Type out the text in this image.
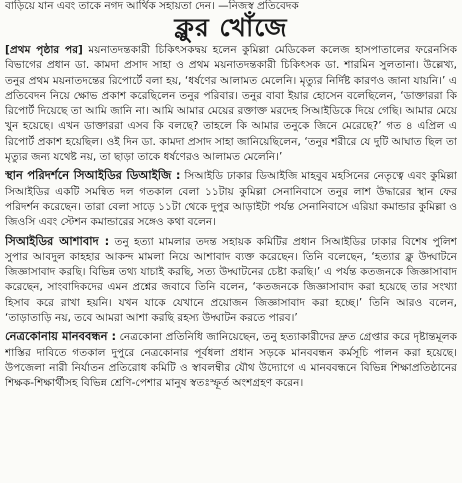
বাড়িয়ে যান এবং তাকে নগদ আর্থিক সহায়তা দেন। —নিজস্ব প্রতিবেদক
ক্লুর খোঁজে

[প্রথম পৃষ্ঠার পর] ময়নাতদন্তকারী চিকিৎসকদ্বয় হলেন কুমিল্লা মেডিকেল কলেজ হাসপাতালের ফরেনসিক বিভাগের প্রধান ডা. কামদা প্রসাদ সাহা ও প্রথম ময়নাতদন্তকারী চিকিৎসক ডা. শারমিন সুলতানা। উল্লেখ্য, তনুর প্রথম ময়নাতদন্তের রিপোর্টে বলা হয়, ‘ধর্ষণের আলামত মেলেনি। মৃত্যুর নির্দিষ্ট কারণও জানা যায়নি।’ এ প্রতিবেদন নিয়ে ক্ষোভ প্রকাশ করেছিলেন তনুর পরিবার। তনুর বাবা ইয়ার হোসেন বলেছিলেন, ‘ডাক্তাররা কি রিপোর্ট দিয়েছে তা আমি জানি না। আমি আমার মেয়ের রক্তাক্ত মরদেহ সিআইডিকে দিয়ে গেছি। আমার মেয়ে খুন হয়েছে। এখন ডাক্তাররা এসব কি বলছে? তাহলে কি আমার তনুকে জিনে মেরেছে?’ গত ৪ এপ্রিল এ রিপোর্ট প্রকাশ হয়েছিল। ওই দিন ডা. কামদা প্রসাদ সাহা জানিয়েছিলেন, ‘তনুর শরীরে যে দুটি আঘাত ছিল তা মৃত্যুর জন্য যথেষ্ট নয়, তা ছাড়া তাকে ধর্ষণেরও আলামত মেলেনি।’

স্থান পরিদর্শনে সিআইডির ডিআইজি : সিআইডি ঢাকার ডিআইজি মাহবুব মহসিনের নেতৃত্বে এবং কুমিল্লা সিআইডির একটি সমন্বিত দল গতকাল বেলা ১১টায় কুমিল্লা সেনানিবাসে তনুর লাশ উদ্ধারের স্থান ফের পরিদর্শন করেছেন। তারা বেলা সাড়ে ১১টা থেকে দুপুর আড়াইটা পর্যন্ত সেনানিবাসে এরিয়া কমান্ডার কুমিল্লা ও জিওসি এবং স্টেশন কমান্ডারের সঙ্গেও কথা বলেন।

সিআইডির আশাবাদ : তনু হত্যা মামলার তদন্ত সহায়ক কমিটির প্রধান সিআইডির ঢাকার বিশেষ পুলিশ সুপার আবদুল কাহহার আকন্দ মামলা নিয়ে আশাবাদ ব্যক্ত করেছেন। তিনি বলেছেন, ‘হত্যার ক্লু উদ্ঘাটনে জিজ্ঞাসাবাদ করছি। বিভিন্ন তথ্য যাচাই করছি, সত্য উদ্ঘাটনের চেষ্টা করছি।’ এ পর্যন্ত কতজনকে জিজ্ঞাসাবাদ করেছেন, সাংবাদিকদের এমন প্রশ্নের জবাবে তিনি বলেন, ‘কতজনকে জিজ্ঞাসাবাদ করা হয়েছে তার সংখ্যা হিসাব করে রাখা হয়নি। যখন যাকে যেখানে প্রয়োজন জিজ্ঞাসাবাদ করা হচ্ছে।’ তিনি আরও বলেন, ‘তাড়াতাড়ি নয়, তবে আমরা আশা করছি রহস্য উদ্ঘাটন করতে পারব।’

নেত্রকোনায় মানববন্ধন : নেত্রকোনা প্রতিনিধি জানিয়েছেন, তনু হত্যাকারীদের দ্রুত গ্রেপ্তার করে দৃষ্টান্তমূলক শাস্তির দাবিতে গতকাল দুপুরে নেত্রকোনার পূর্বধলা প্রধান সড়কে মানববন্ধন কর্মসূচি পালন করা হয়েছে। উপজেলা নারী নির্যাতন প্রতিরোধ কমিটি ও স্বাবলম্বীর যৌথ উদ্যোগে এ মানববন্ধনে বিভিন্ন শিক্ষাপ্রতিষ্ঠানের শিক্ষক-শিক্ষার্থীসহ বিভিন্ন শ্রেণি-পেশার মানুষ স্বতঃস্ফূর্ত অংশগ্রহণ করেন।
